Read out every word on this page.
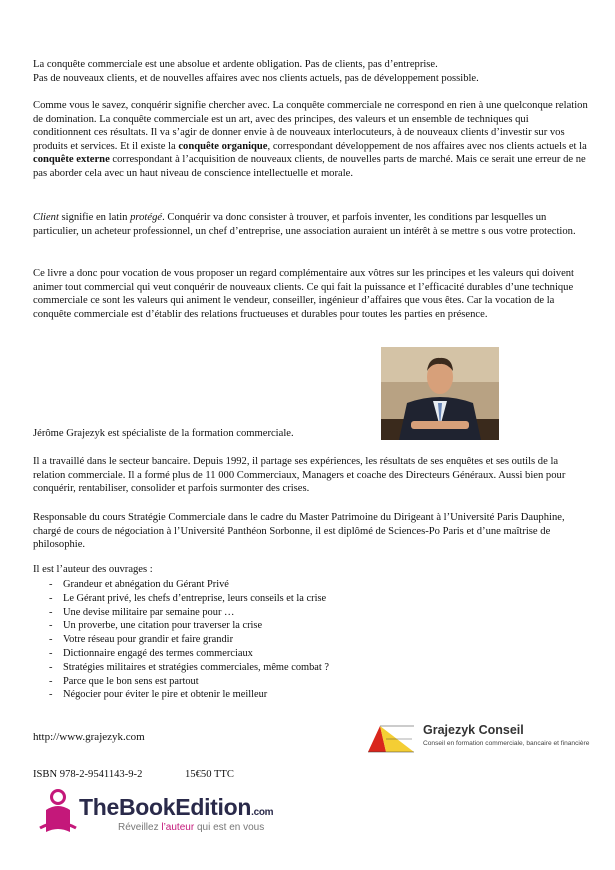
La conquête commerciale est une absolue et ardente obligation. Pas de clients, pas d’entreprise.
Pas de nouveaux clients, et de nouvelles affaires avec nos clients actuels, pas de développement possible.

Comme vous le savez, conquérir signifie chercher avec. La conquête commerciale ne correspond en rien à une quelconque relation de domination. La conquête commerciale est un art, avec des principes, des valeurs et un ensemble de techniques qui conditionnent ces résultats. Il va s’agir de donner envie à de nouveaux interlocuteurs, à de nouveaux clients d’investir sur vos produits et services. Et il existe la conquête organique, correspondant développement de nos affaires avec nos clients actuels et la conquête externe correspondant à l’acquisition de nouveaux clients, de nouvelles parts de marché. Mais ce serait une erreur de ne pas aborder cela avec un haut niveau de conscience intellectuelle et morale.

Client signifie en latin protégé. Conquérir va donc consister à trouver, et parfois inventer, les conditions par lesquelles un particulier, un acheteur professionnel, un chef d’entreprise, une association auraient un intérêt à se mettre s ous votre protection.

Ce livre a donc pour vocation de vous proposer un regard complémentaire aux vôtres sur les principes et les valeurs qui doivent animer tout commercial qui veut conquérir de nouveaux clients. Ce qui fait la puissance et l’efficacité durables d’une technique commerciale ce sont les valeurs qui animent le vendeur, conseiller, ingénieur d’affaires que vous êtes. Car la vocation de la conquête commerciale est d’établir des relations fructueuses et durables pour toutes les parties en présence.

Jérôme Grajezyk est spécialiste de la formation commerciale.

Il a travaillé dans le secteur bancaire. Depuis 1992, il partage ses expériences, les résultats de ses enquêtes et ses outils de la relation commerciale. Il a formé plus de 11 000 Commerciaux, Managers et coache des Directeurs Généraux. Aussi bien pour conquérir, rentabiliser, consolider et parfois surmonter des crises.

Responsable du cours Stratégie Commerciale dans le cadre du Master Patrimoine du Dirigeant à l’Université Paris Dauphine, chargé de cours de négociation à l’Université Panthéon Sorbonne, il est diplômé de Sciences-Po Paris et d’une maîtrise de philosophie.

Il est l’auteur des ouvrages :

- Grandeur et abnégation du Gérant Privé
- Le Gérant privé, les chefs d’entreprise, leurs conseils et la crise
- Une devise militaire par semaine pour …
- Un proverbe, une citation pour traverser la crise
- Votre réseau pour grandir et faire grandir
- Dictionnaire engagé des termes commerciaux
- Stratégies militaires et stratégies commerciales, même combat ?
- Parce que le bon sens est partout
- Négocier pour éviter le pire et obtenir le meilleur
http://www.grajezyk.com
ISBN 978-2-9541143-9-2	15€50 TTC
Grajezyk Conseil
Conseil en formation commerciale, bancaire et financière
TheBookEdition.com
Réveillez l’auteur qui est en vous
